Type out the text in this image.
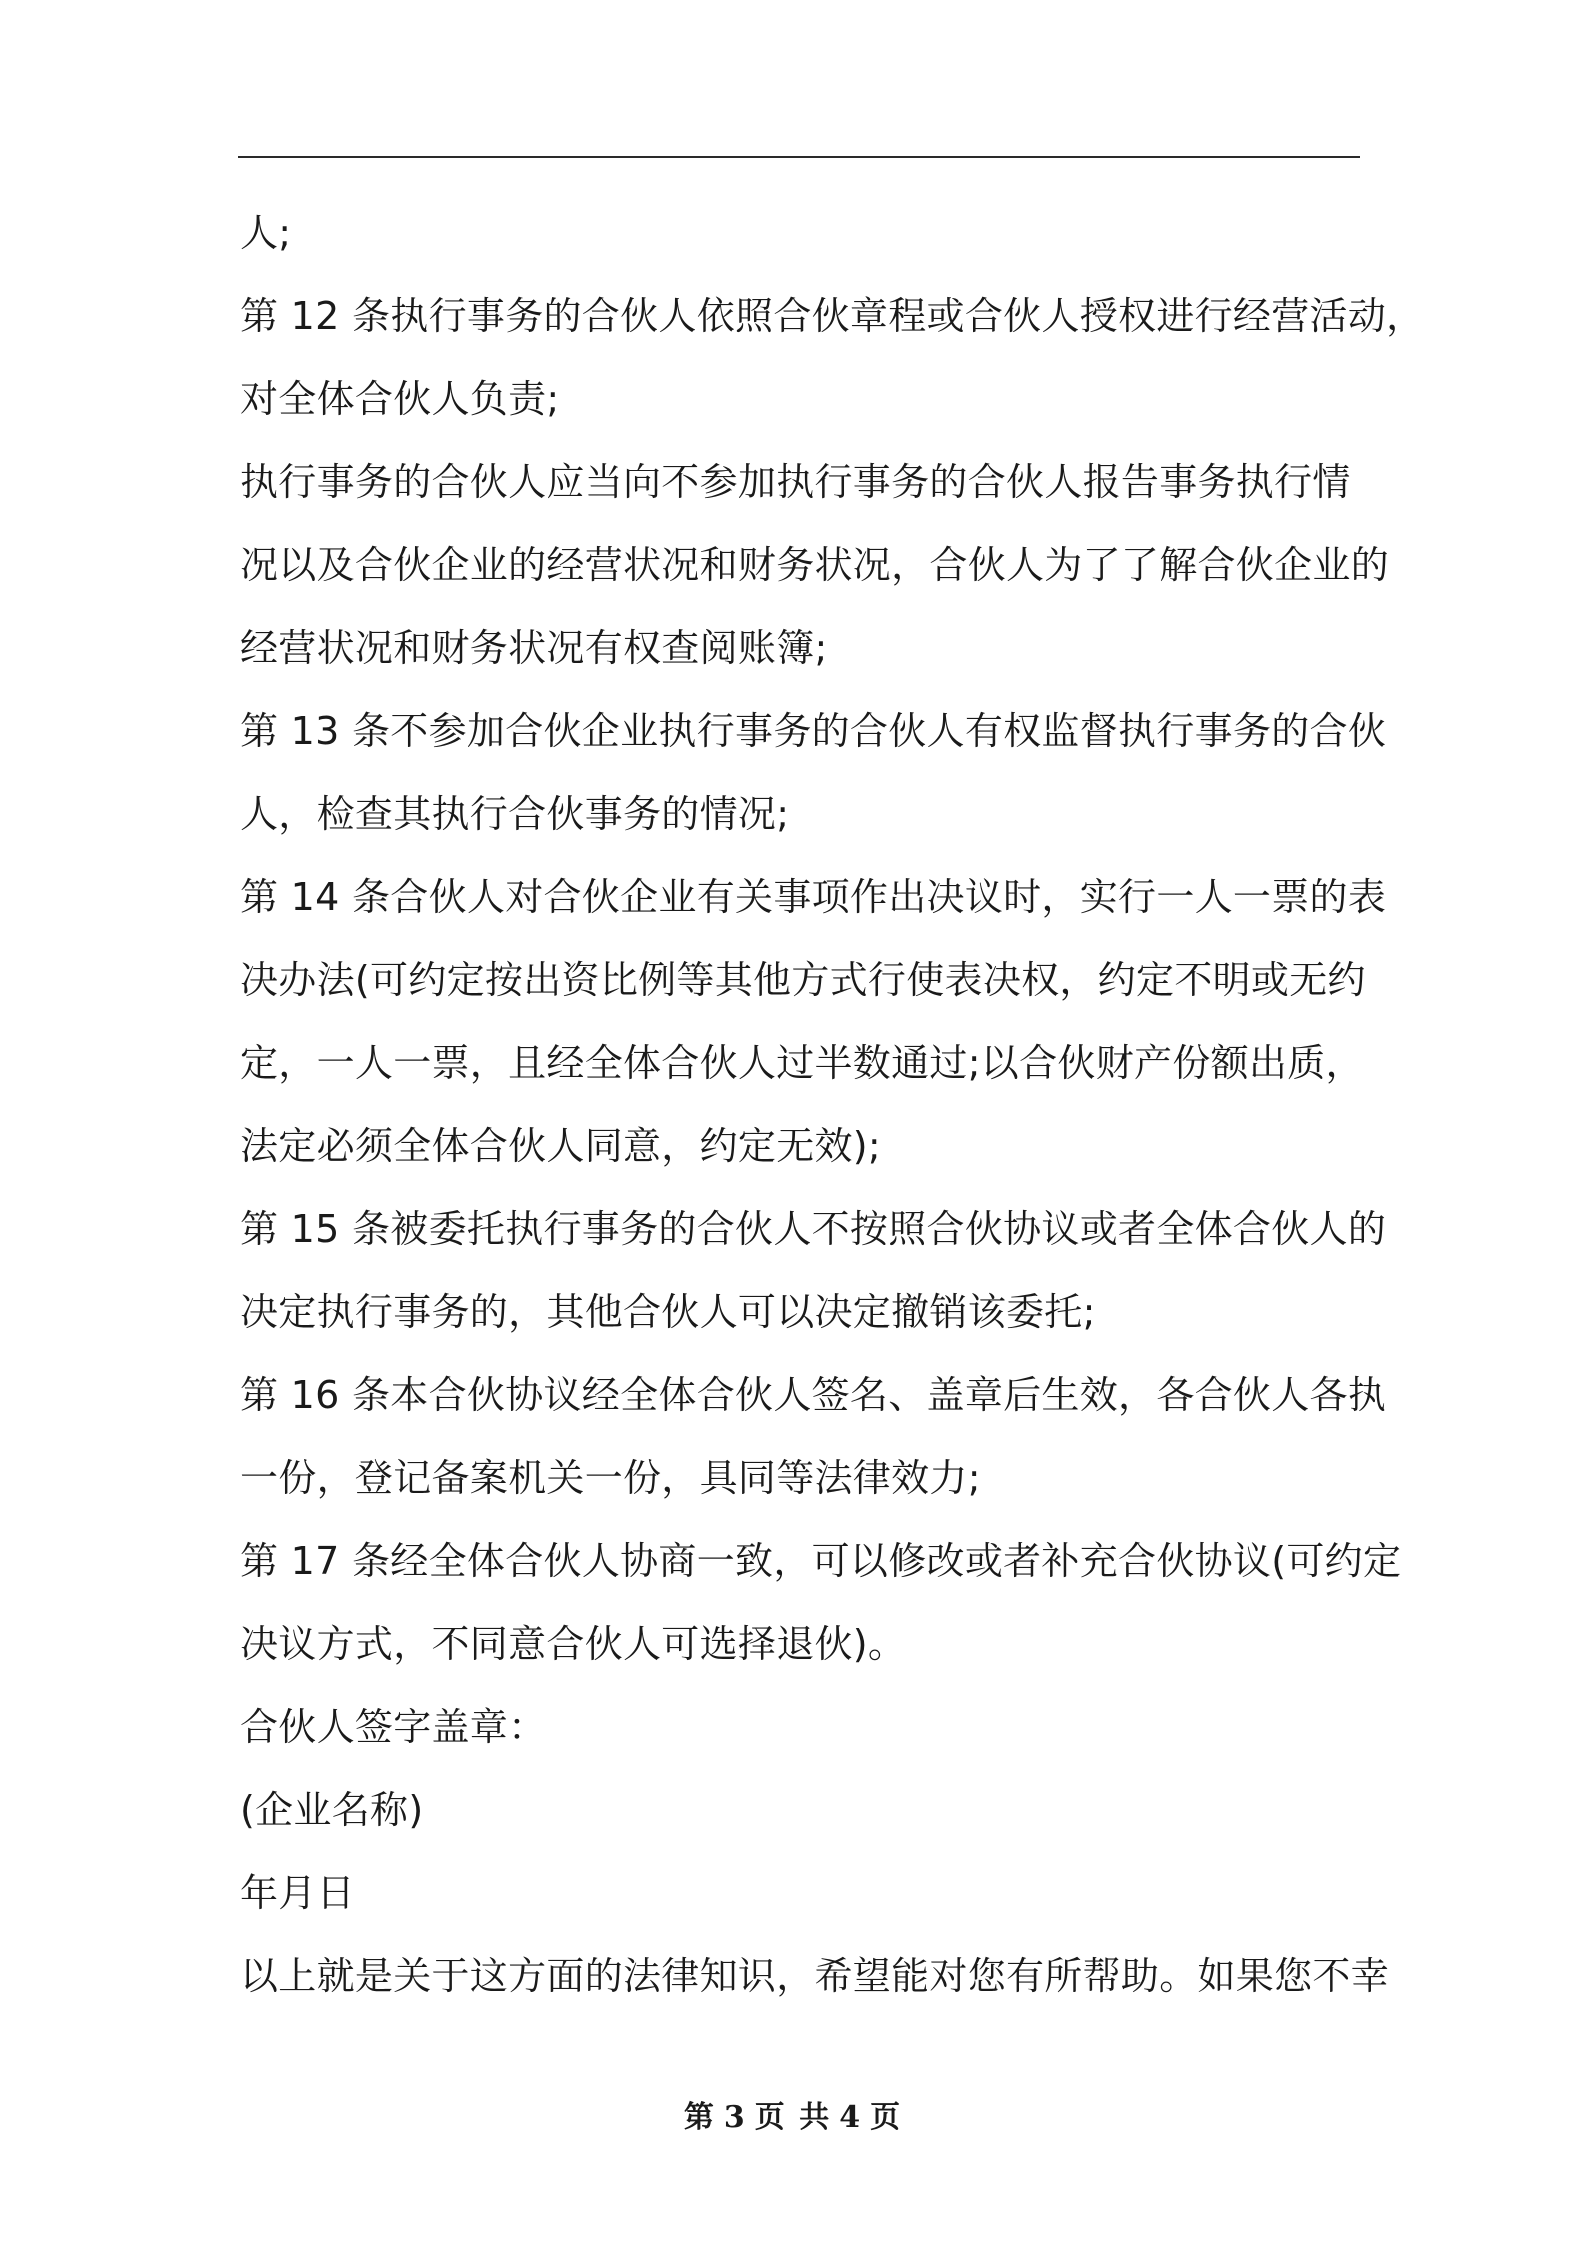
人;
第 12 条执行事务的合伙人依照合伙章程或合伙人授权进行经营活动，
对全体合伙人负责;
执行事务的合伙人应当向不参加执行事务的合伙人报告事务执行情
况以及合伙企业的经营状况和财务状况，合伙人为了了解合伙企业的
经营状况和财务状况有权查阅账簿;
第 13 条不参加合伙企业执行事务的合伙人有权监督执行事务的合伙
人，检查其执行合伙事务的情况;
第 14 条合伙人对合伙企业有关事项作出决议时，实行一人一票的表
决办法(可约定按出资比例等其他方式行使表决权，约定不明或无约
定，一人一票，且经全体合伙人过半数通过;以合伙财产份额出质，
法定必须全体合伙人同意，约定无效);
第 15 条被委托执行事务的合伙人不按照合伙协议或者全体合伙人的
决定执行事务的，其他合伙人可以决定撤销该委托;
第 16 条本合伙协议经全体合伙人签名、盖章后生效，各合伙人各执
一份，登记备案机关一份，具同等法律效力;
第 17 条经全体合伙人协商一致，可以修改或者补充合伙协议(可约定
决议方式，不同意合伙人可选择退伙)。
合伙人签字盖章：
(企业名称)
年月日
以上就是关于这方面的法律知识，希望能对您有所帮助。如果您不幸
第 3 页 共 4 页
